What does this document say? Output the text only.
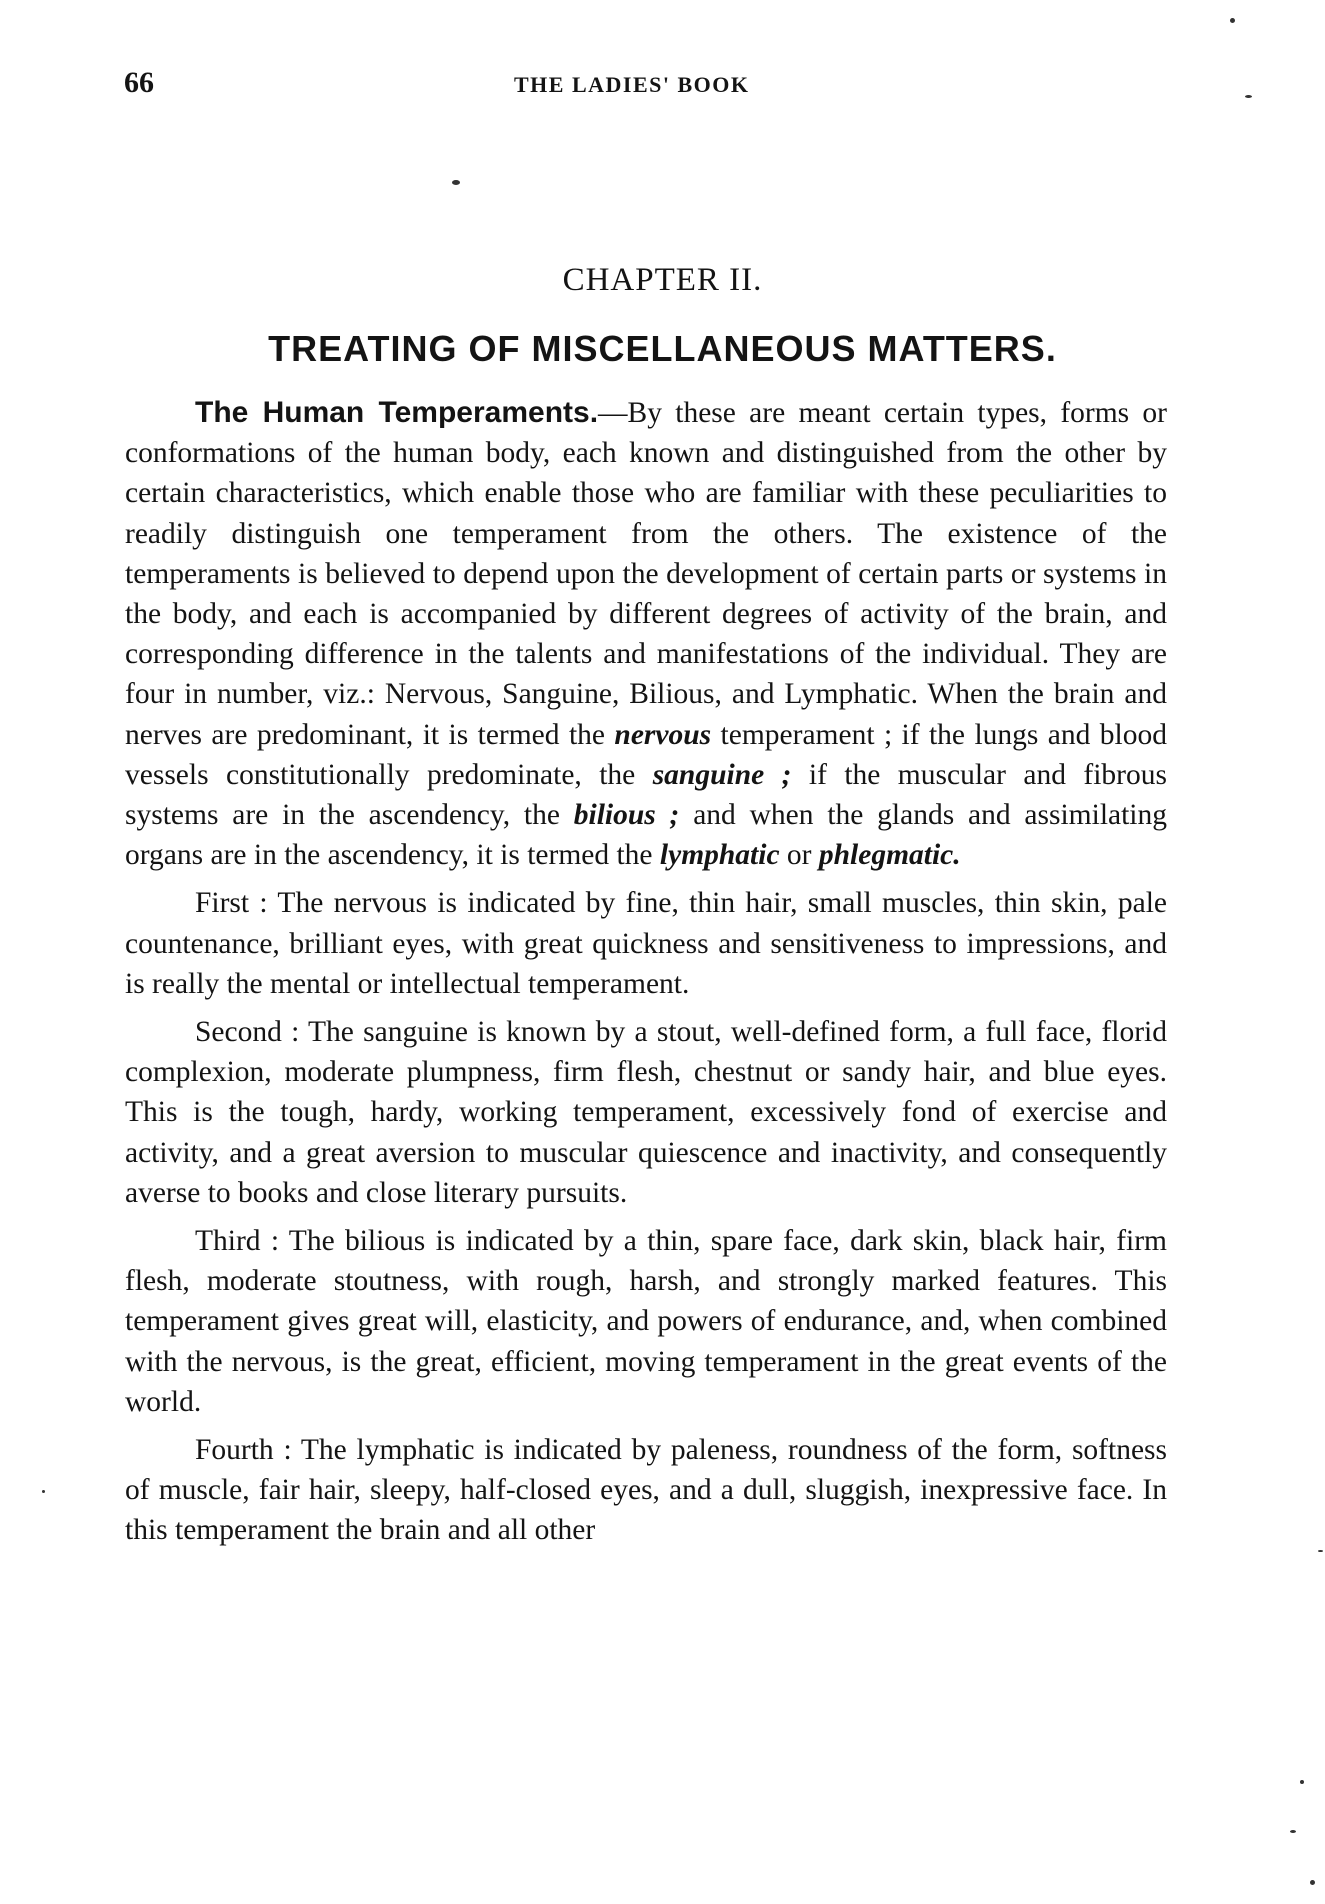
66	THE LADIES' BOOK
CHAPTER II.
TREATING OF MISCELLANEOUS MATTERS.

The Human Temperaments.—By these are meant certain types, forms or conformations of the human body, each known and distinguished from the other by certain characteristics, which enable those who are familiar with these peculiarities to readily distinguish one temperament from the others. The existence of the temperaments is believed to depend upon the development of certain parts or systems in the body, and each is accompanied by different degrees of activity of the brain, and corresponding difference in the talents and manifestations of the individual. They are four in number, viz.: Nervous, Sanguine, Bilious, and Lymphatic. When the brain and nerves are predominant, it is termed the nervous temperament ; if the lungs and blood vessels constitutionally predominate, the sanguine ; if the muscular and fibrous systems are in the ascendency, the bilious ; and when the glands and assimilating organs are in the ascendency, it is termed the lymphatic or phlegmatic.

First : The nervous is indicated by fine, thin hair, small muscles, thin skin, pale countenance, brilliant eyes, with great quickness and sensitiveness to impressions, and is really the mental or intellectual temperament.

Second : The sanguine is known by a stout, well-defined form, a full face, florid complexion, moderate plumpness, firm flesh, chestnut or sandy hair, and blue eyes. This is the tough, hardy, working temperament, excessively fond of exercise and activity, and a great aversion to muscular quiescence and inactivity, and consequently averse to books and close literary pursuits.

Third : The bilious is indicated by a thin, spare face, dark skin, black hair, firm flesh, moderate stoutness, with rough, harsh, and strongly marked features. This temperament gives great will, elasticity, and powers of endurance, and, when combined with the nervous, is the great, efficient, moving temperament in the great events of the world.

Fourth : The lymphatic is indicated by paleness, roundness of the form, softness of muscle, fair hair, sleepy, half-closed eyes, and a dull, sluggish, inexpressive face. In this temperament the brain and all other
